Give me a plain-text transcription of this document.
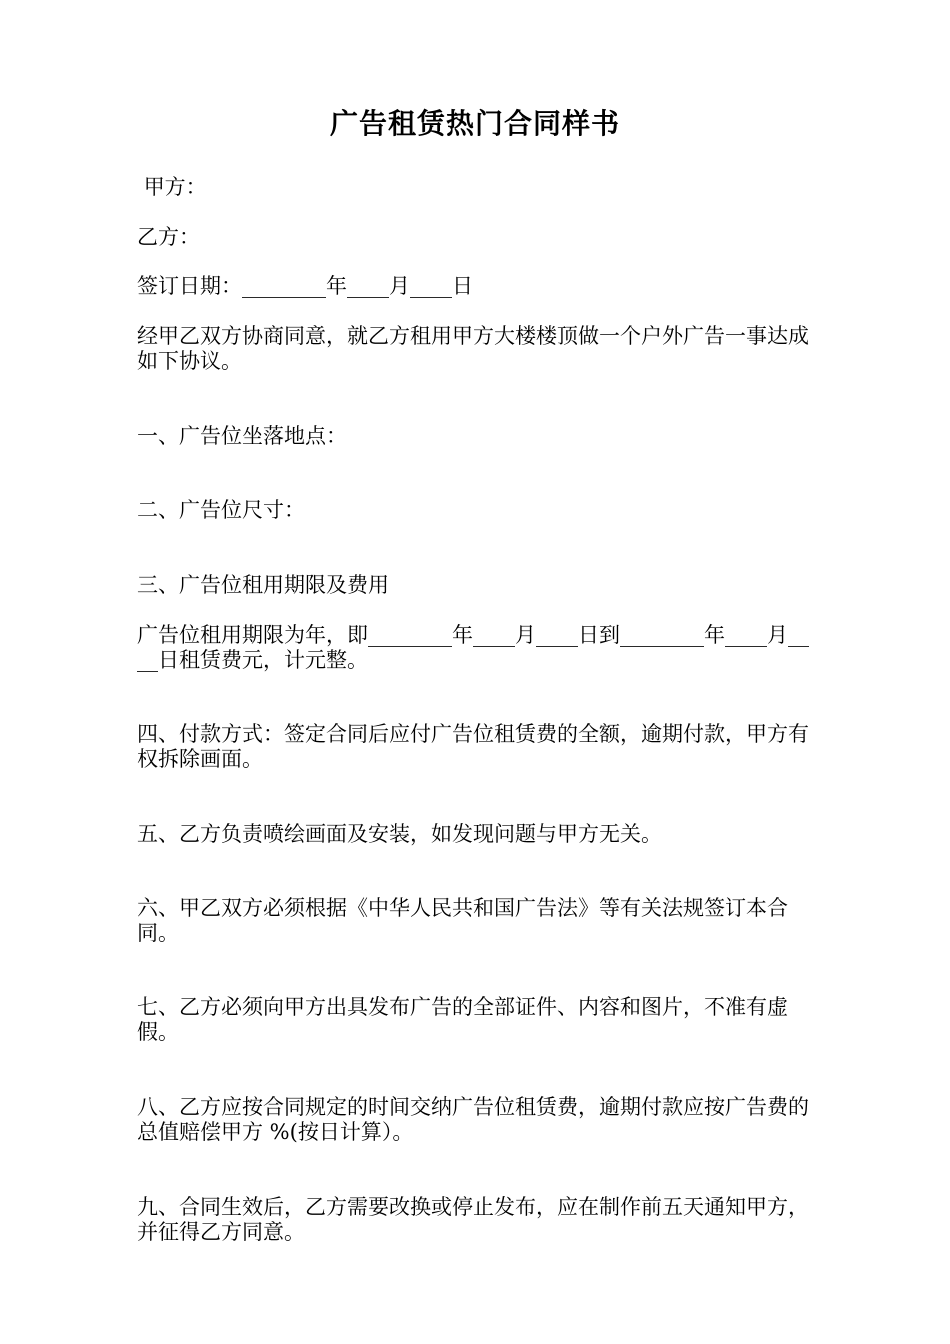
广告租赁热门合同样书

甲方：

乙方：

签订日期：________年____月____日

经甲乙双方协商同意，就乙方租用甲方大楼楼顶做一个户外广告一事达成如下协议。

一、广告位坐落地点：

二、广告位尺寸：

三、广告位租用期限及费用

广告位租用期限为年，即________年____月____日到________年____月____日租赁费元，计元整。

四、付款方式：签定合同后应付广告位租赁费的全额，逾期付款，甲方有权拆除画面。

五、乙方负责喷绘画面及安装，如发现问题与甲方无关。

六、甲乙双方必须根据《中华人民共和国广告法》等有关法规签订本合同。

七、乙方必须向甲方出具发布广告的全部证件、内容和图片，不准有虚假。

八、乙方应按合同规定的时间交纳广告位租赁费，逾期付款应按广告费的总值赔偿甲方 %(按日计算）。

九、合同生效后，乙方需要改换或停止发布，应在制作前五天通知甲方，并征得乙方同意。
